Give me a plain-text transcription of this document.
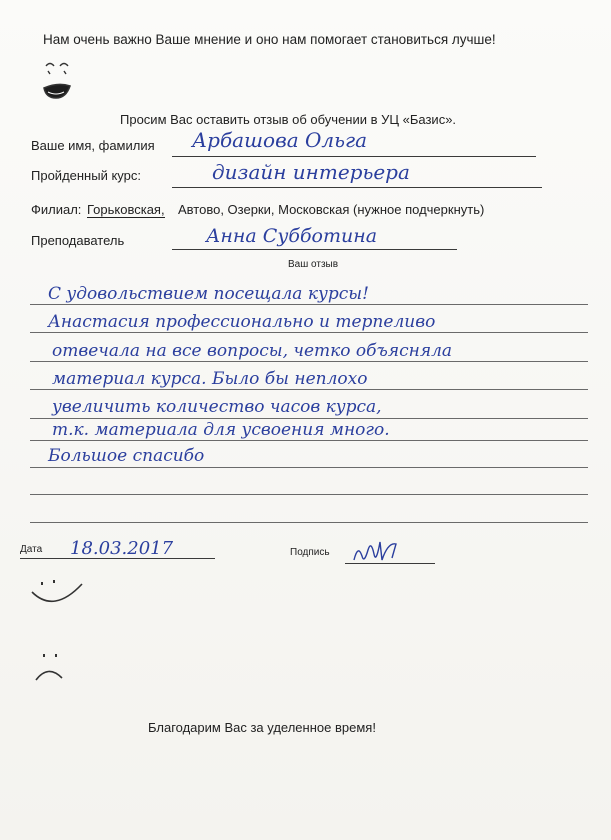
Нам очень важно Ваше мнение и оно нам помогает становиться лучше!
Просим Вас оставить отзыв об обучении в УЦ «Базис».
Ваше имя, фамилия Арбашова Ольга
Пройденный курс:	дизайн интерьера
Филиал: Горьковская, Автово, Озерки, Московская (нужное подчеркнуть)
Преподаватель	Анна Субботина
Ваш отзыв
С удовольствием посещала курсы!
Анастасия профессионально и терпеливо
отвечала на все вопросы, четко объясняла
материал курса. Было бы неплохо
увеличить количество часов курса,
т.к. материала для усвоения много.
Большое спасибо
Дата 18.03.2017	Подпись
Благодарим Вас за уделенное время!
